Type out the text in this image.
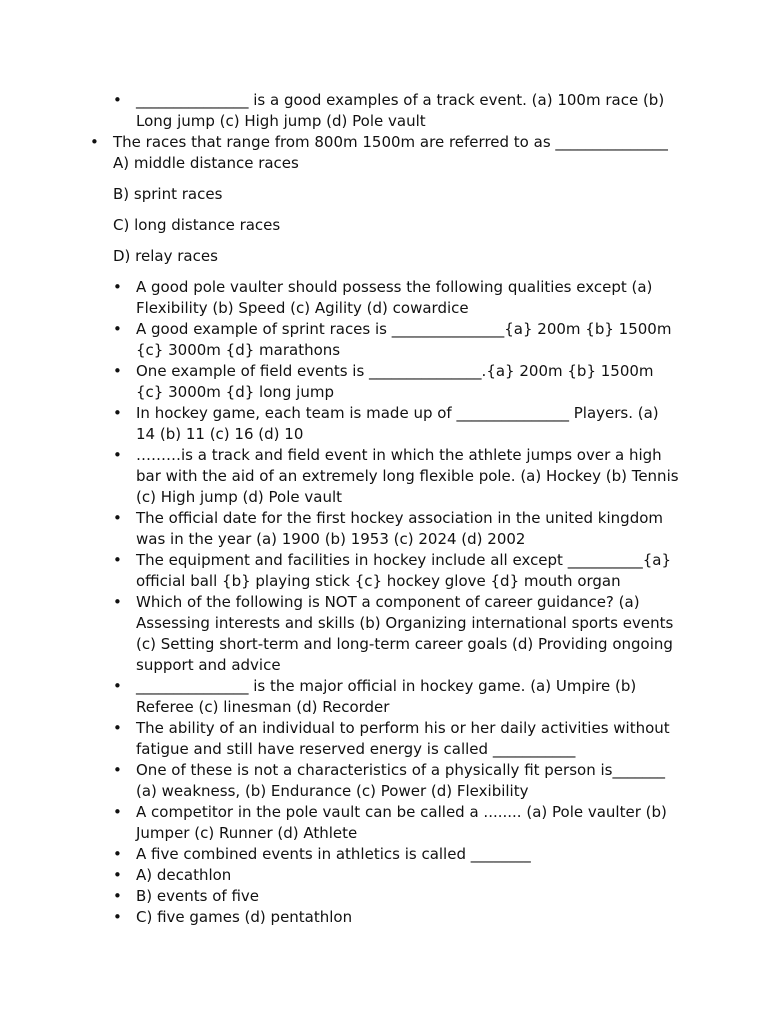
• _______________ is a good examples of a track event. (a) 100m race (b) Long jump (c) High jump (d) Pole vault
• The races that range from 800m 1500m are referred to as _______________

A) middle distance races

B) sprint races

C) long distance races

D) relay races

• A good pole vaulter should possess the following qualities except (a) Flexibility (b) Speed (c) Agility (d) cowardice
• A good example of sprint races is _______________{a} 200m {b} 1500m {c} 3000m {d} marathons
• One example of field events is _______________.{a} 200m {b} 1500m {c} 3000m {d} long jump
• In hockey game, each team is made up of _______________ Players. (a) 14 (b) 11 (c) 16 (d) 10
• ………is a track and field event in which the athlete jumps over a high bar with the aid of an extremely long flexible pole. (a) Hockey (b) Tennis (c) High jump (d) Pole vault
• The official date for the first hockey association in the united kingdom was in the year (a) 1900 (b) 1953 (c) 2024 (d) 2002
• The equipment and facilities in hockey include all except __________{a} official ball {b} playing stick {c} hockey glove {d} mouth organ
• Which of the following is NOT a component of career guidance? (a) Assessing interests and skills (b) Organizing international sports events (c) Setting short-term and long-term career goals (d) Providing ongoing support and advice
• _______________ is the major official in hockey game. (a) Umpire (b) Referee (c) linesman (d) Recorder
• The ability of an individual to perform his or her daily activities without fatigue and still have reserved energy is called ___________
• One of these is not a characteristics of a physically fit person is_______ (a) weakness, (b) Endurance (c) Power (d) Flexibility
• A competitor in the pole vault can be called a ........ (a) Pole vaulter (b) Jumper (c) Runner (d) Athlete
• A five combined events in athletics is called ________
• A) decathlon
• B) events of five
• C) five games (d) pentathlon
